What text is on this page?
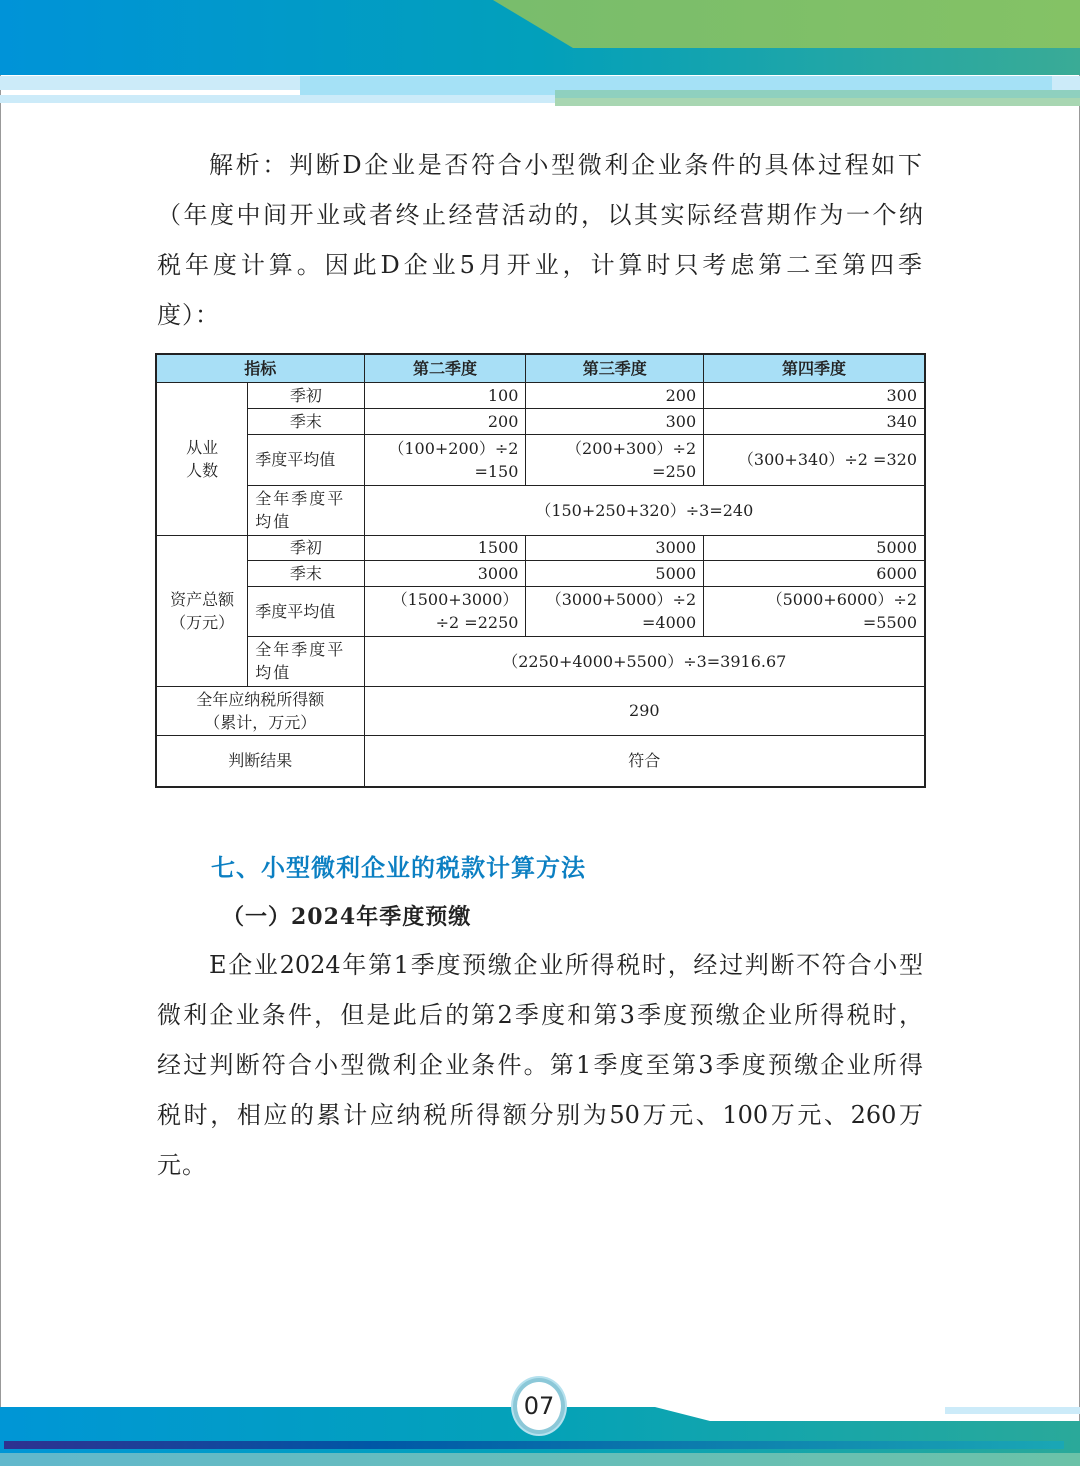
解析：判断D企业是否符合小型微利企业条件的具体过程如下
（年度中间开业或者终止经营活动的，以其实际经营期作为一个纳
税年度计算。因此D企业5月开业，计算时只考虑第二至第四季
度）：
指标		第二季度	第三季度	第四季度
从业人数	季初	100	200	300
	季末	200	300	340
	季度平均值	（100+200）÷2 =150	（200+300）÷2 =250	（300+340）÷2 =320
	全年季度平均值	（150+250+320）÷3=240		
资产总额（万元）	季初	1500	3000	5000
	季末	3000	5000	6000
	季度平均值	（1500+3000）÷2 =2250	（3000+5000）÷2 =4000	（5000+6000）÷2 =5500
	全年季度平均值	（2250+4000+5500）÷3=3916.67		
全年应纳税所得额（累计，万元）		290		
判断结果		符合		
七、小型微利企业的税款计算方法
（一）2024年季度预缴
E企业2024年第1季度预缴企业所得税时，经过判断不符合小型
微利企业条件，但是此后的第2季度和第3季度预缴企业所得税时，
经过判断符合小型微利企业条件。第1季度至第3季度预缴企业所得
税时，相应的累计应纳税所得额分别为50万元、100万元、260万
元。
07
